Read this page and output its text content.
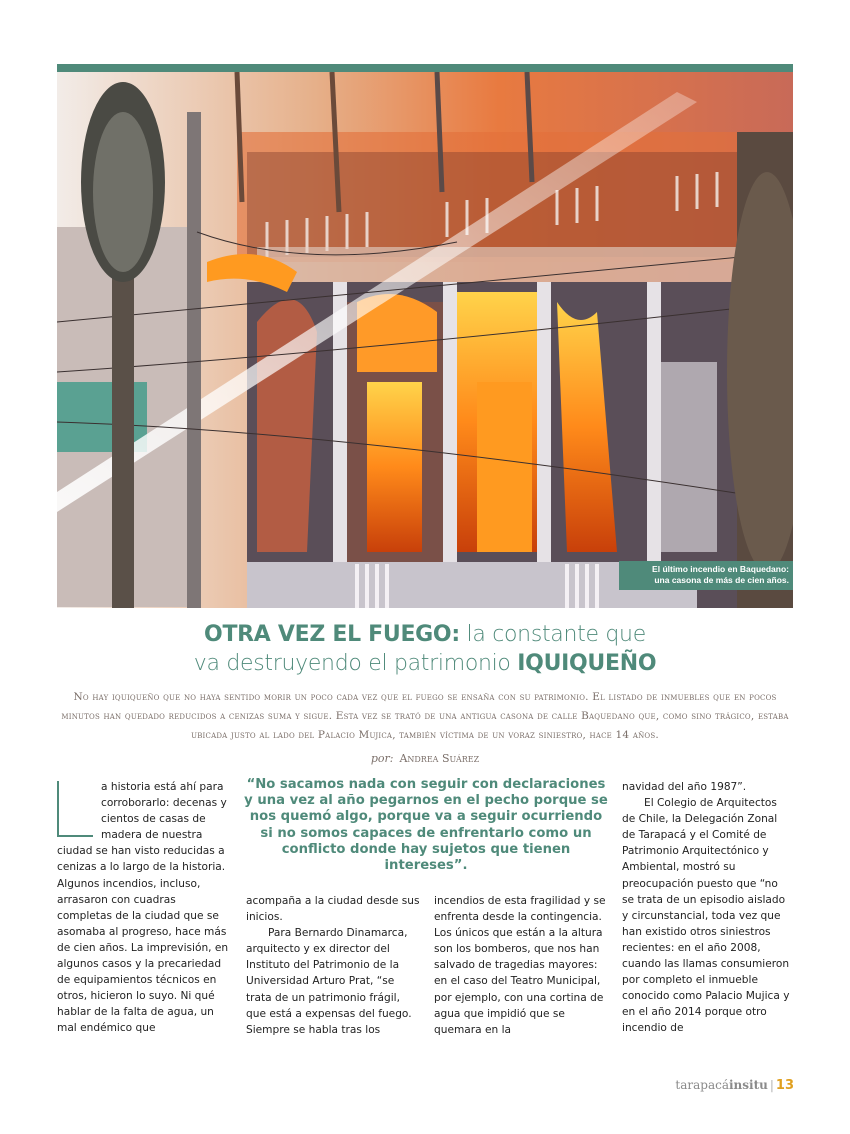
El último incendio en Baquedano:
una casona de más de cien años.
OTRA VEZ EL FUEGO: la constante que
va destruyendo el patrimonio IQUIQUEÑO

No hay iquiqueño que no haya sentido morir un poco cada vez que el fuego se ensaña con su patrimonio. El listado de inmuebles que en pocos minutos han quedado reducidos a cenizas suma y sigue. Esta vez se trató de una antigua casona de calle Baquedano que, como sino trágico, estaba ubicada justo al lado del Palacio Mujica, también víctima de un voraz siniestro, hace 14 años.

por: Andrea Suárez

a historia está ahí para corroborarlo: decenas y cientos de casas de madera de nuestra ciudad se han visto reducidas a cenizas a lo largo de la historia. Algunos incendios, incluso, arrasaron con cuadras completas de la ciudad que se asomaba al progreso, hace más de cien años. La imprevisión, en algunos casos y la precariedad de equipamientos técnicos en otros, hicieron lo suyo. Ni qué hablar de la falta de agua, un mal endémico que

“No sacamos nada con seguir con declaraciones y una vez al año pegarnos en el pecho porque se nos quemó algo, porque va a seguir ocurriendo si no somos capaces de enfrentarlo como un conflicto donde hay sujetos que tienen intereses”.

acompaña a la ciudad desde sus inicios.

Para Bernardo Dinamarca, arquitecto y ex director del Instituto del Patrimonio de la Universidad Arturo Prat, “se trata de un patrimonio frágil, que está a expensas del fuego. Siempre se habla tras los

incendios de esta fragilidad y se enfrenta desde la contingencia. Los únicos que están a la altura son los bomberos, que nos han salvado de tragedias mayores: en el caso del Teatro Municipal, por ejemplo, con una cortina de agua que impidió que se quemara en la

navidad del año 1987”.

El Colegio de Arquitectos de Chile, la Delegación Zonal de Tarapacá y el Comité de Patrimonio Arquitectónico y Ambiental, mostró su preocupación puesto que “no se trata de un episodio aislado y circunstancial, toda vez que han existido otros siniestros recientes: en el año 2008, cuando las llamas consumieron por completo el inmueble conocido como Palacio Mujica y en el año 2014 porque otro incendio de

tarapacáinsitu | 13
